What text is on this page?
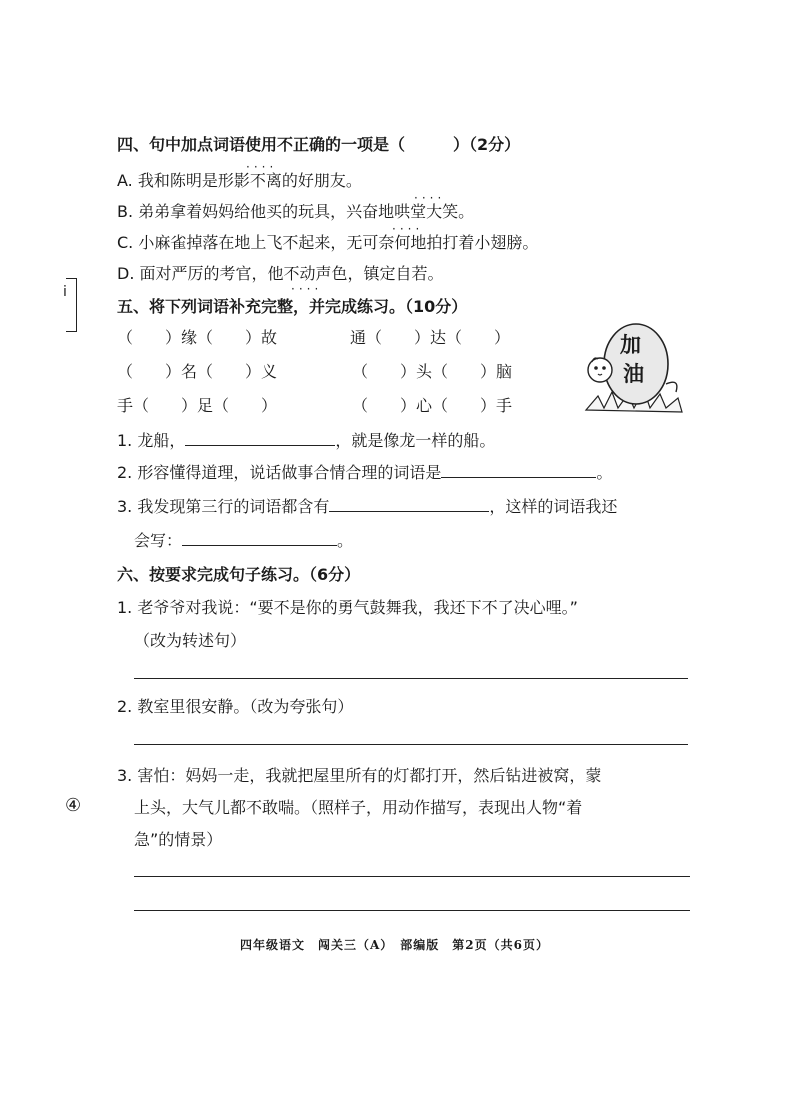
四、句中加点词语使用不正确的一项是（　　　）（2分）
A. 我和陈明是形影不离的好朋友。
····
B. 弟弟拿着妈妈给他买的玩具，兴奋地哄堂大笑。
····
C. 小麻雀掉落在地上飞不起来，无可奈何地拍打着小翅膀。
····
D. 面对严厉的考官，他不动声色，镇定自若。
····
五、将下列词语补充完整，并完成练习。（10分）
（　　）缘（　　）故	通（　　）达（　　）
（　　）名（　　）义	（　　）头（　　）脑
手（　　）足（　　）	（　　）心（　　）手
加
油
1. 龙船，	，就是像龙一样的船。
2. 形容懂得道理，说话做事合情合理的词语是	。
3. 我发现第三行的词语都含有	，这样的词语我还
会写：	。
六、按要求完成句子练习。（6分）
1. 老爷爷对我说：“要不是你的勇气鼓舞我，我还下不了决心哩。”
（改为转述句）
2. 教室里很安静。（改为夸张句）
3. 害怕：妈妈一走，我就把屋里所有的灯都打开，然后钻进被窝，蒙
上头，大气儿都不敢喘。（照样子，用动作描写，表现出人物“着
急”的情景）
④
i
四年级语文　闯关三（A）　部编版　第2页（共6页）
